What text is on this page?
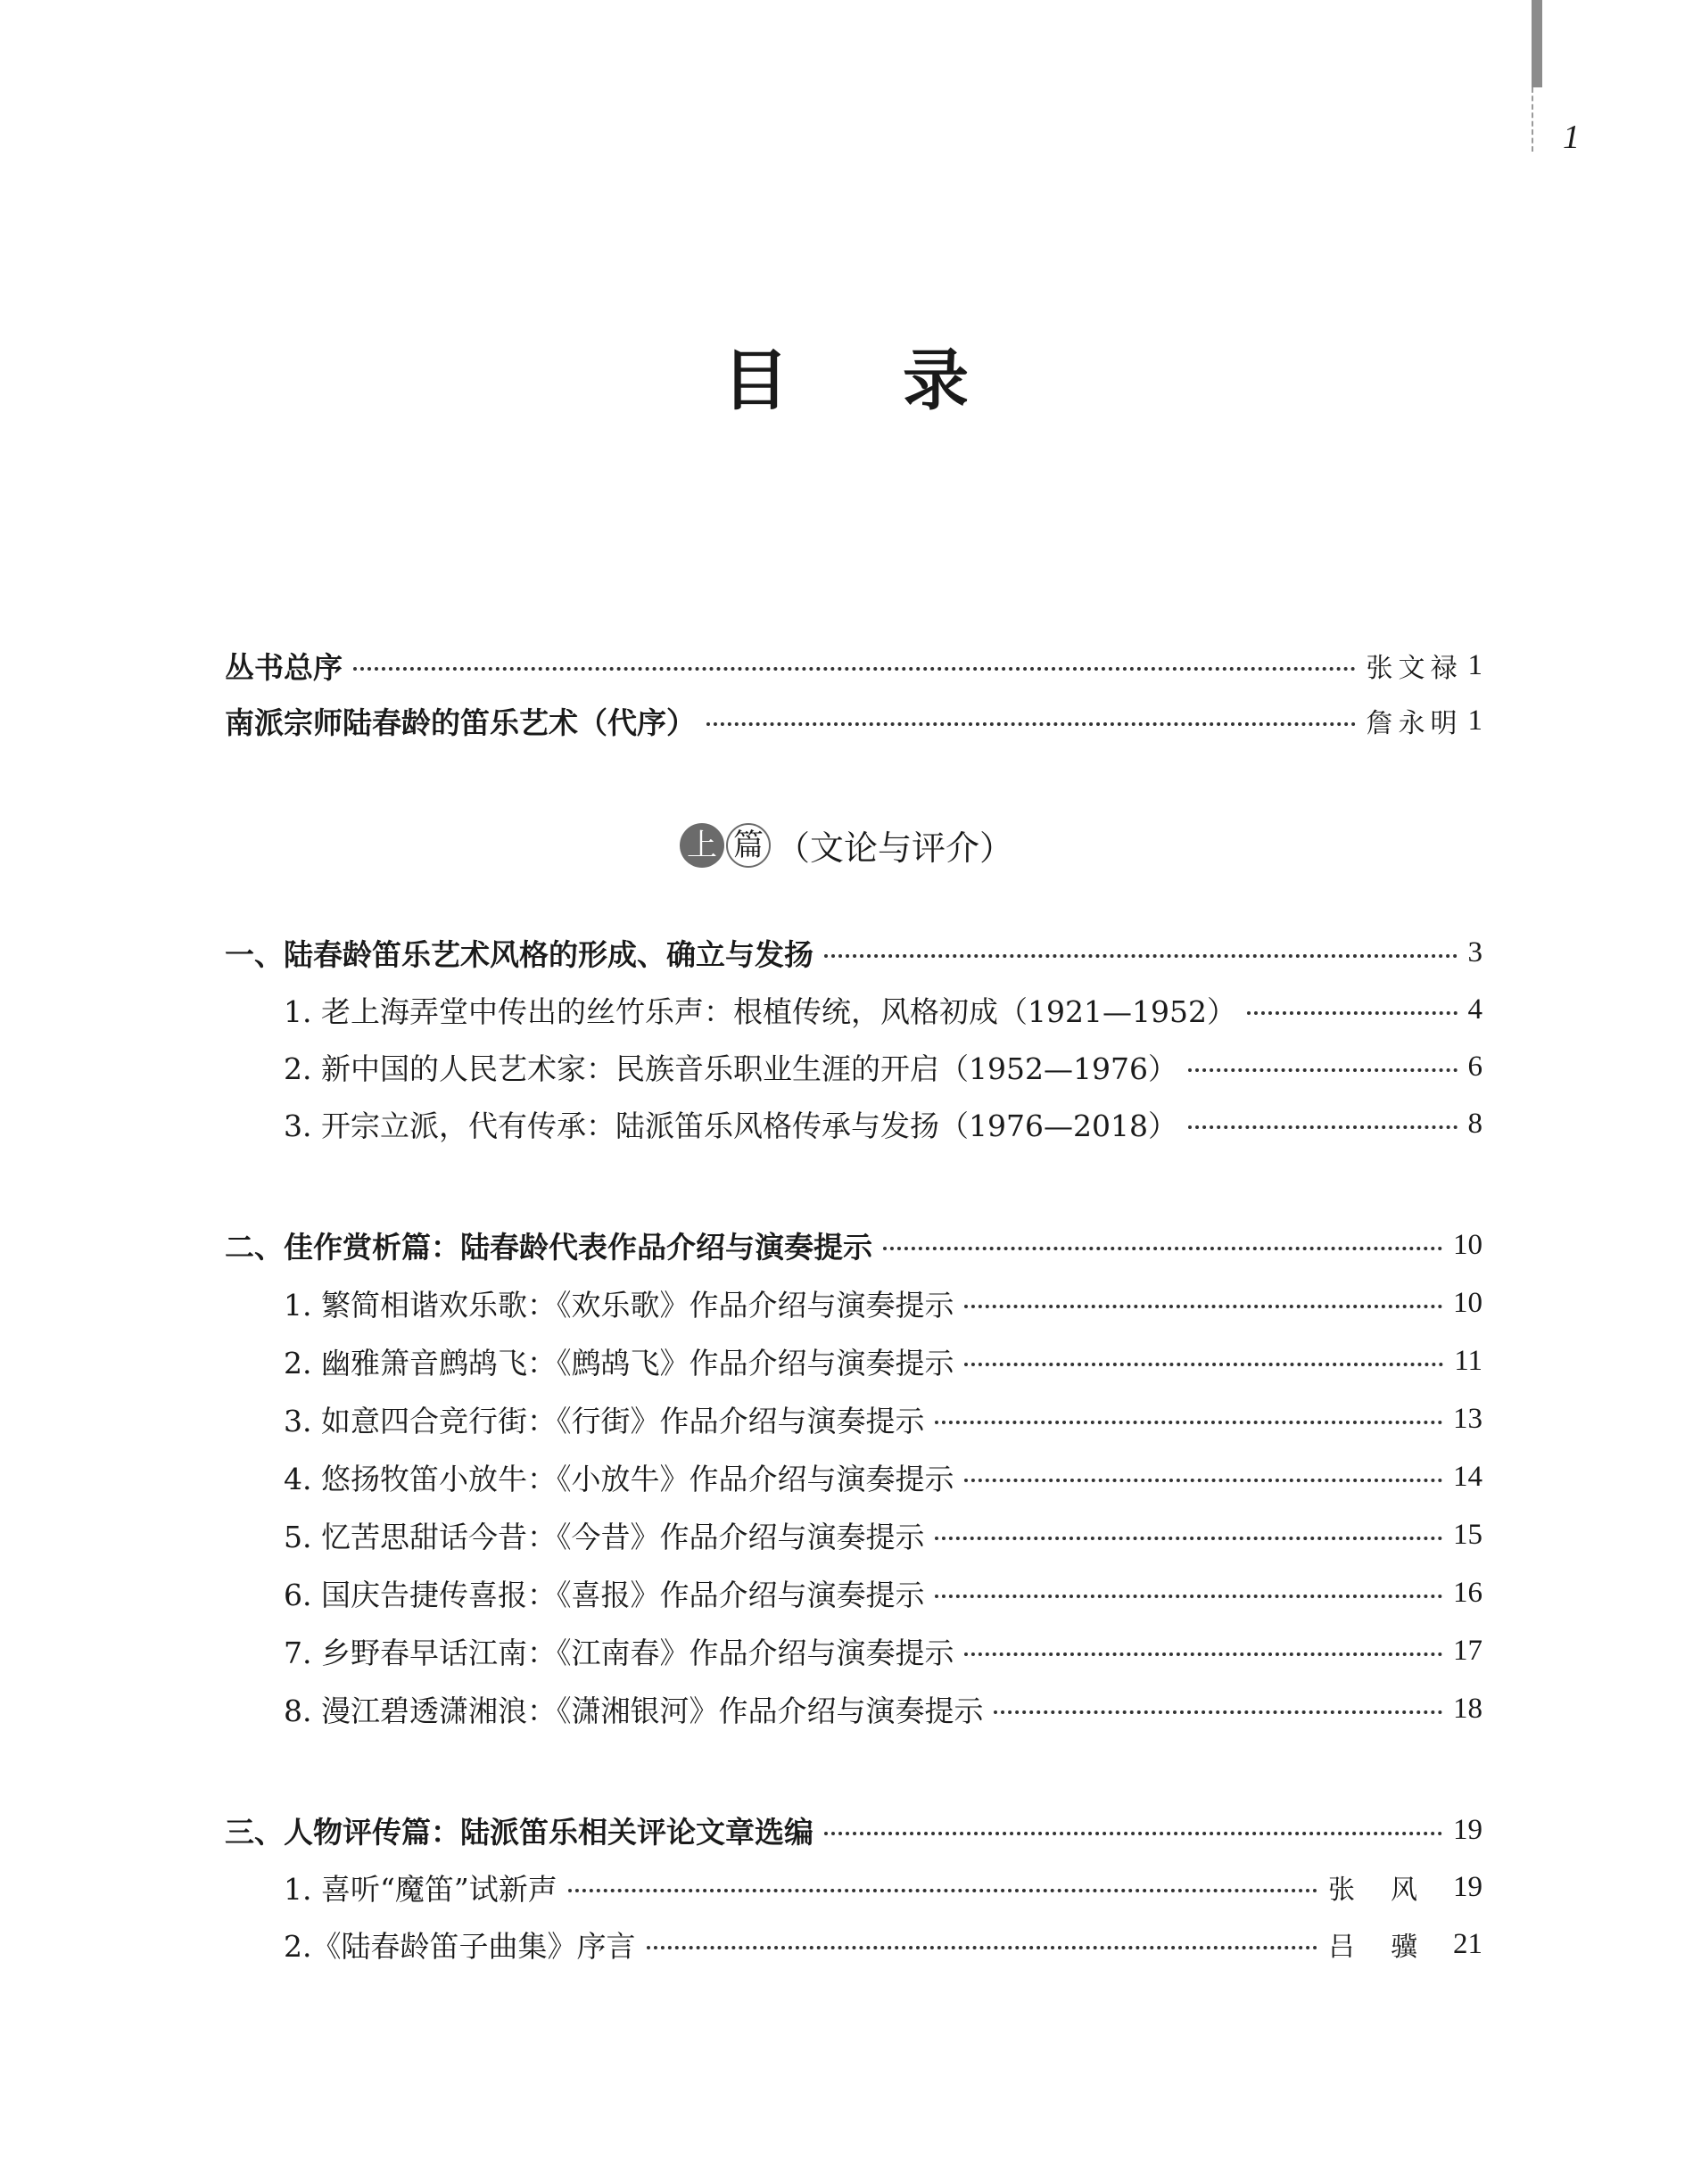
1
目 录
丛书总序	张文禄 1
南派宗师陆春龄的笛乐艺术（代序）	詹永明 1
上 篇 （文论与评介）
一、陆春龄笛乐艺术风格的形成、确立与发扬	3
1. 老上海弄堂中传出的丝竹乐声：根植传统，风格初成（1921—1952）	4
2. 新中国的人民艺术家：民族音乐职业生涯的开启（1952—1976）	6
3. 开宗立派，代有传承：陆派笛乐风格传承与发扬（1976—2018）	8
二、佳作赏析篇：陆春龄代表作品介绍与演奏提示	10
1. 繁简相谐欢乐歌：《欢乐歌》作品介绍与演奏提示	10
2. 幽雅箫音鹧鸪飞：《鹧鸪飞》作品介绍与演奏提示	11
3. 如意四合竞行街：《行街》作品介绍与演奏提示	13
4. 悠扬牧笛小放牛：《小放牛》作品介绍与演奏提示	14
5. 忆苦思甜话今昔：《今昔》作品介绍与演奏提示	15
6. 国庆告捷传喜报：《喜报》作品介绍与演奏提示	16
7. 乡野春早话江南：《江南春》作品介绍与演奏提示	17
8. 漫江碧透潇湘浪：《潇湘银河》作品介绍与演奏提示	18
三、人物评传篇：陆派笛乐相关评论文章选编	19
1. 喜听“魔笛”试新声	张风 19
2.《陆春龄笛子曲集》序言	吕骥 21
